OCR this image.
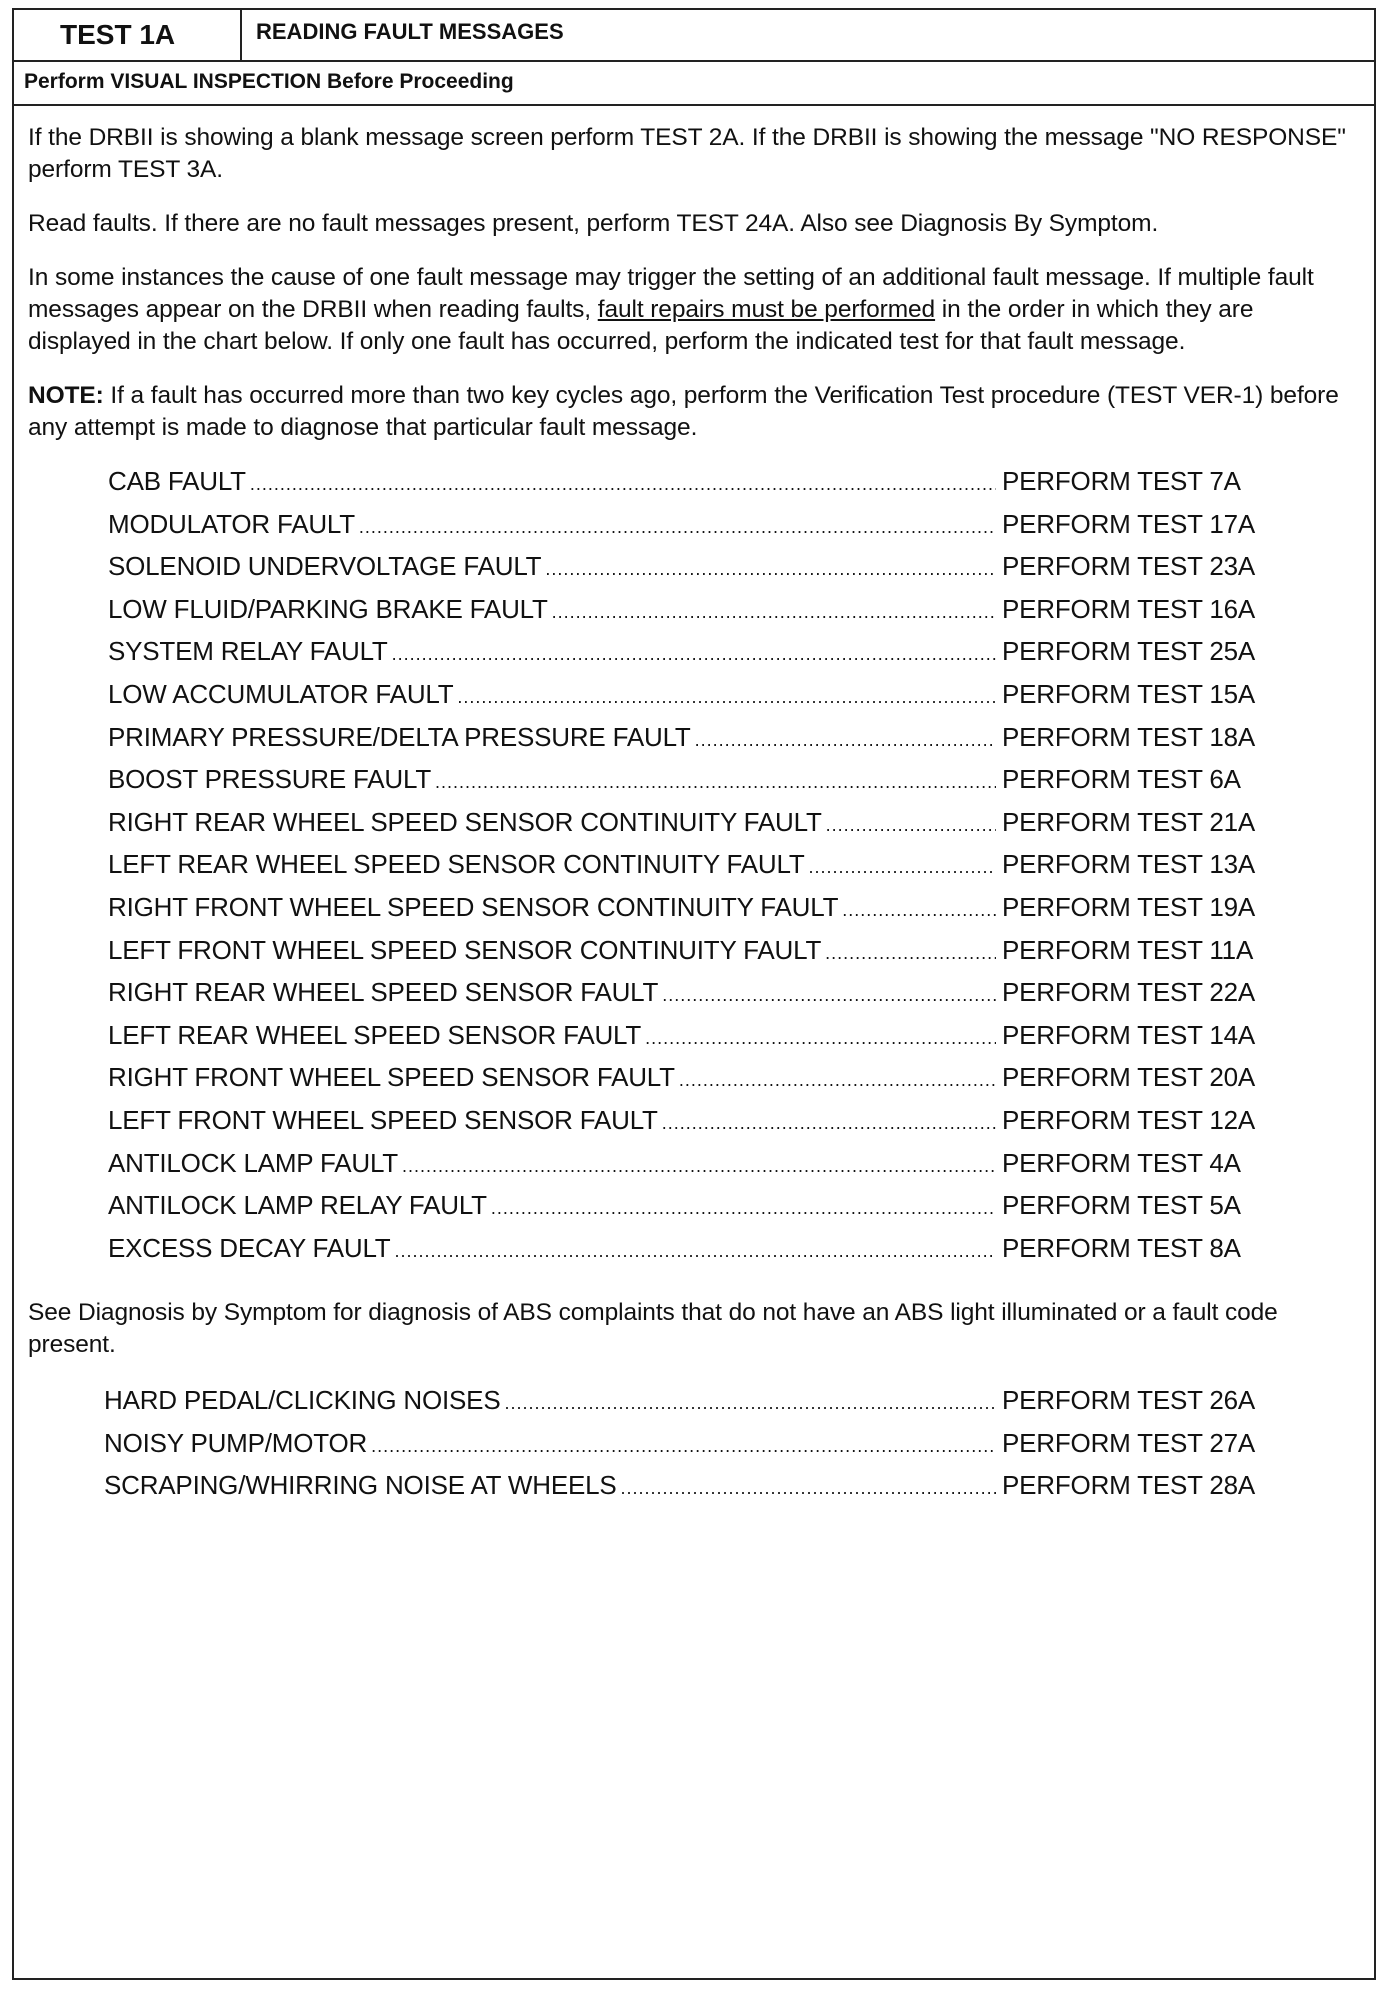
TEST 1A	READING FAULT MESSAGES
Perform VISUAL INSPECTION Before Proceeding

If the DRBII is showing a blank message screen perform TEST 2A. If the DRBII is showing the message "NO RESPONSE" perform TEST 3A.

Read faults. If there are no fault messages present, perform TEST 24A. Also see Diagnosis By Symptom.

In some instances the cause of one fault message may trigger the setting of an additional fault message. If multiple fault messages appear on the DRBII when reading faults, fault repairs must be performed in the order in which they are displayed in the chart below. If only one fault has occurred, perform the indicated test for that fault message.

NOTE: If a fault has occurred more than two key cycles ago, perform the Verification Test procedure (TEST VER-1) before any attempt is made to diagnose that particular fault message.

CAB FAULT .....	PERFORM TEST 7A
MODULATOR FAULT .....	PERFORM TEST 17A
SOLENOID UNDERVOLTAGE FAULT .....	PERFORM TEST 23A
LOW FLUID/PARKING BRAKE FAULT .....	PERFORM TEST 16A
SYSTEM RELAY FAULT .....	PERFORM TEST 25A
LOW ACCUMULATOR FAULT .....	PERFORM TEST 15A
PRIMARY PRESSURE/DELTA PRESSURE FAULT .....	PERFORM TEST 18A
BOOST PRESSURE FAULT .....	PERFORM TEST 6A
RIGHT REAR WHEEL SPEED SENSOR CONTINUITY FAULT .....	PERFORM TEST 21A
LEFT REAR WHEEL SPEED SENSOR CONTINUITY FAULT .....	PERFORM TEST 13A
RIGHT FRONT WHEEL SPEED SENSOR CONTINUITY FAULT .....	PERFORM TEST 19A
LEFT FRONT WHEEL SPEED SENSOR CONTINUITY FAULT .....	PERFORM TEST 11A
RIGHT REAR WHEEL SPEED SENSOR FAULT .....	PERFORM TEST 22A
LEFT REAR WHEEL SPEED SENSOR FAULT .....	PERFORM TEST 14A
RIGHT FRONT WHEEL SPEED SENSOR FAULT .....	PERFORM TEST 20A
LEFT FRONT WHEEL SPEED SENSOR FAULT .....	PERFORM TEST 12A
ANTILOCK LAMP FAULT .....	PERFORM TEST 4A
ANTILOCK LAMP RELAY FAULT .....	PERFORM TEST 5A
EXCESS DECAY FAULT .....	PERFORM TEST 8A

See Diagnosis by Symptom for diagnosis of ABS complaints that do not have an ABS light illuminated or a fault code present.

HARD PEDAL/CLICKING NOISES .....	PERFORM TEST 26A
NOISY PUMP/MOTOR .....	PERFORM TEST 27A
SCRAPING/WHIRRING NOISE AT WHEELS .....	PERFORM TEST 28A
